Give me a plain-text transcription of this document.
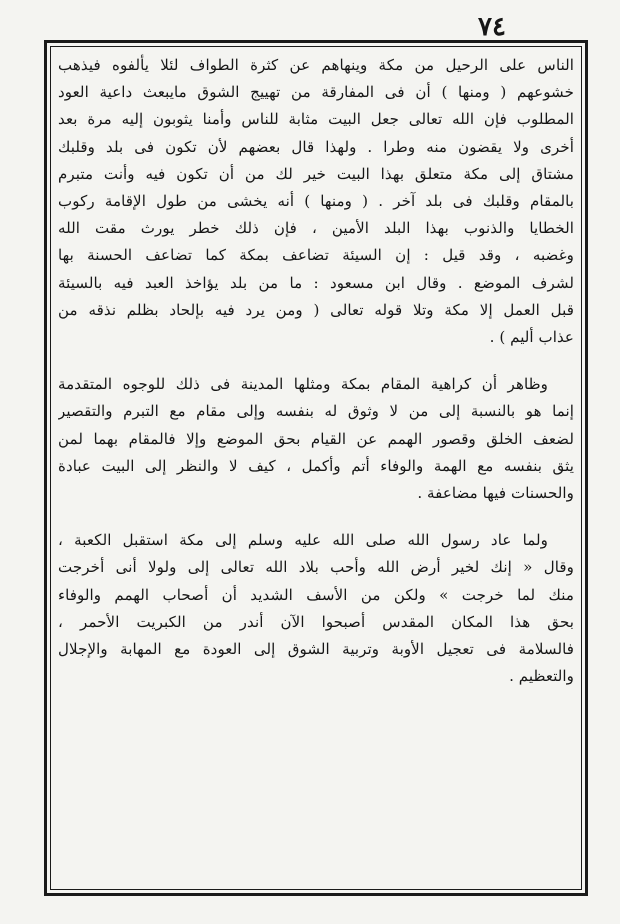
٧٤
الناس على الرحيل من مكة وينهاهم عن كثرة الطواف لئلا يألفوه فيذهب
خشوعهم ( ومنها ) أن فى المفارقة من تهييج الشوق مايبعث داعية العود
المطلوب فإن الله تعالى جعل البيت مثابة للناس وأمنا يثوبون إليه مرة بعد
أخرى ولا يقضون منه وطرا . ولهذا قال بعضهم لأن تكون فى بلد وقلبك
مشتاق إلى مكة متعلق بهذا البيت خير لك من أن تكون فيه وأنت متبرم
بالمقام وقلبك فى بلد آخر . ( ومنها ) أنه يخشى من طول الإقامة ركوب
الخطايا والذنوب بهذا البلد الأمين ، فإن ذلك خطر يورث مقت الله
وغضبه ، وقد قيل : إن السيئة تضاعف بمكة كما تضاعف الحسنة بها
لشرف الموضع . وقال ابن مسعود : ما من بلد يؤاخذ العبد فيه بالسيئة
قبل العمل إلا مكة وتلا قوله تعالى ( ومن يرد فيه بإلحاد بظلم نذقه من
عذاب أليم ) .
وظاهر أن كراهية المقام بمكة ومثلها المدينة فى ذلك للوجوه المتقدمة
إنما هو بالنسبة إلى من لا وثوق له بنفسه وإلى مقام مع التبرم والتقصير
لضعف الخلق وقصور الهمم عن القيام بحق الموضع وإلا فالمقام بهما لمن
يثق بنفسه مع الهمة والوفاء أتم وأكمل ، كيف لا والنظر إلى البيت عبادة
والحسنات فيها مضاعفة .
ولما عاد رسول الله صلى الله عليه وسلم إلى مكة استقبل الكعبة ،
وقال « إنك لخير أرض الله وأحب بلاد الله تعالى إلى ولولا أنى أخرجت
منك لما خرجت » ولكن من الأسف الشديد أن أصحاب الهمم والوفاء
بحق هذا المكان المقدس أصبحوا الآن أندر من الكبريت الأحمر ،
فالسلامة فى تعجيل الأوبة وتربية الشوق إلى العودة مع المهابة والإجلال
والتعظيم .
